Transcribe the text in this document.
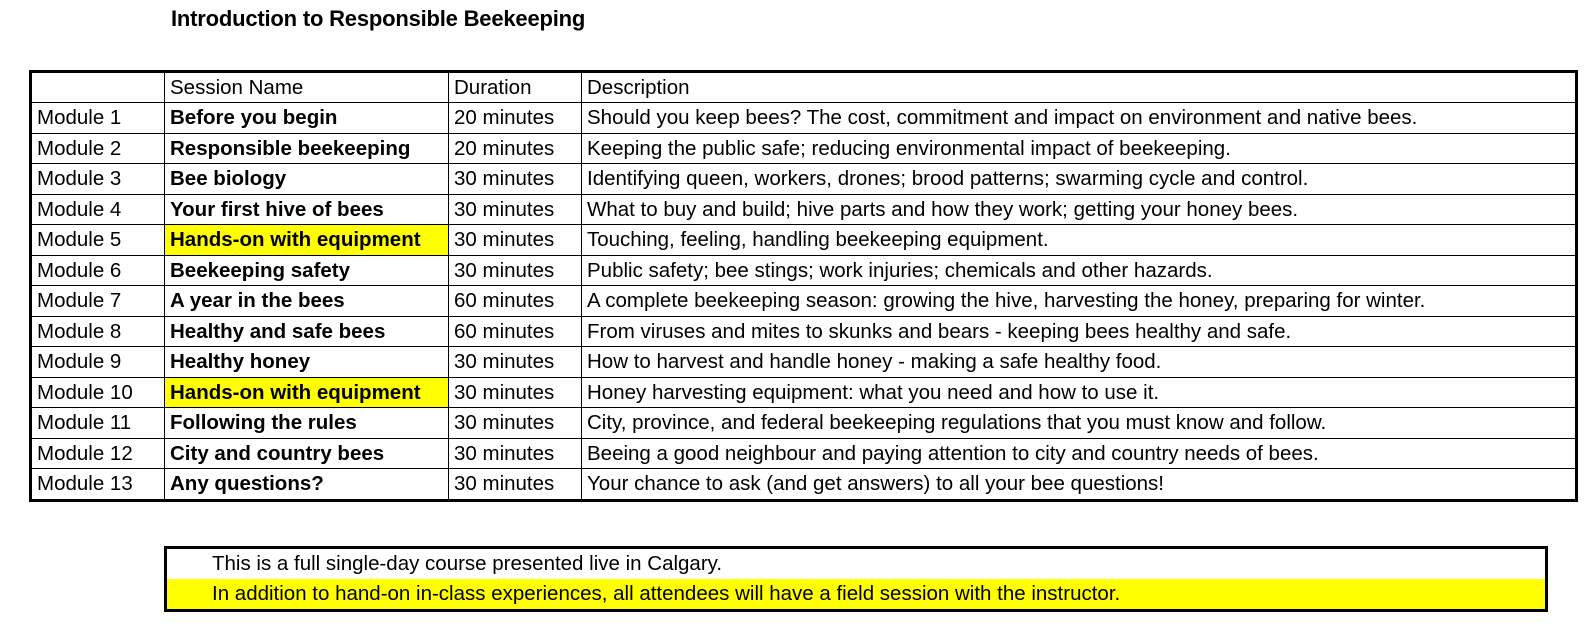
Introduction to Responsible Beekeeping
	Session Name	Duration	Description
Module 1	Before you begin	20 minutes	Should you keep bees? The cost, commitment and impact on environment and native bees.
Module 2	Responsible beekeeping	20 minutes	Keeping the public safe; reducing environmental impact of beekeeping.
Module 3	Bee biology	30 minutes	Identifying queen, workers, drones; brood patterns; swarming cycle and control.
Module 4	Your first hive of bees	30 minutes	What to buy and build; hive parts and how they work; getting your honey bees.
Module 5	Hands-on with equipment	30 minutes	Touching, feeling, handling beekeeping equipment.
Module 6	Beekeeping safety	30 minutes	Public safety; bee stings; work injuries; chemicals and other hazards.
Module 7	A year in the bees	60 minutes	A complete beekeeping season: growing the hive, harvesting the honey, preparing for winter.
Module 8	Healthy and safe bees	60 minutes	From viruses and mites to skunks and bears - keeping bees healthy and safe.
Module 9	Healthy honey	30 minutes	How to harvest and handle honey - making a safe healthy food.
Module 10	Hands-on with equipment	30 minutes	Honey harvesting equipment: what you need and how to use it.
Module 11	Following the rules	30 minutes	City, province, and federal beekeeping regulations that you must know and follow.
Module 12	City and country bees	30 minutes	Beeing a good neighbour and paying attention to city and country needs of bees.
Module 13	Any questions?	30 minutes	Your chance to ask (and get answers) to all your bee questions!
This is a full single-day course presented live in Calgary.
In addition to hand-on in-class experiences, all attendees will have a field session with the instructor.
